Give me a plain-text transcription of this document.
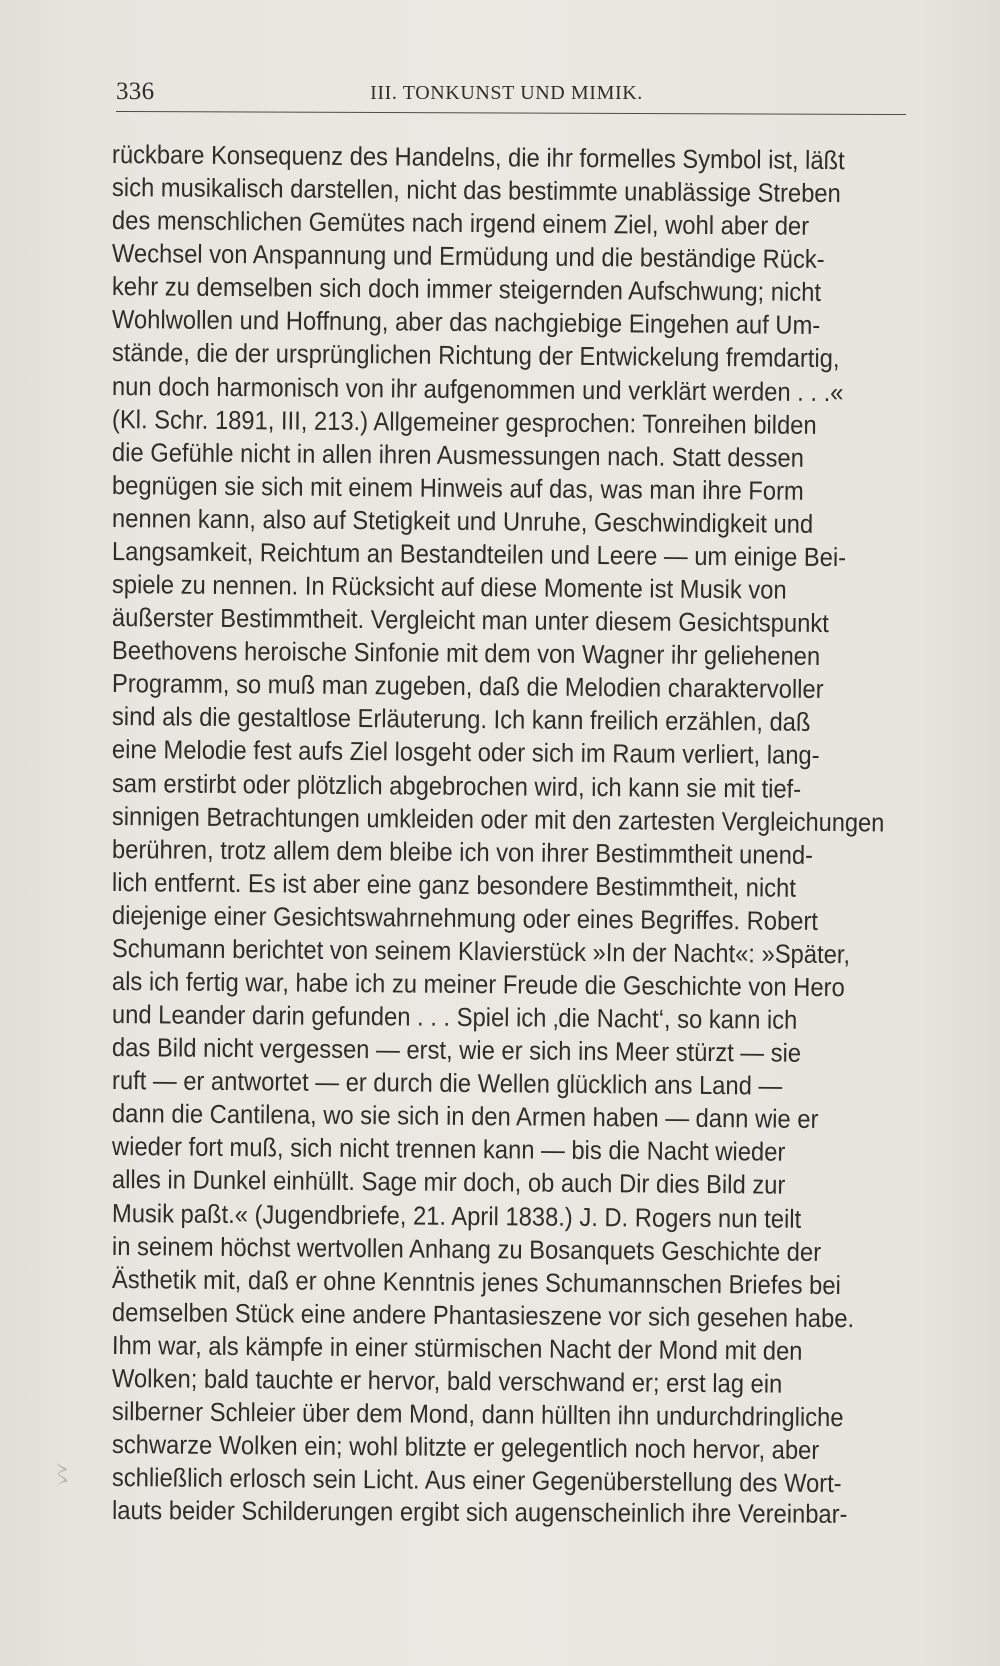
336	III. TONKUNST UND MIMIK.
rückbare Konsequenz des Handelns, die ihr formelles Symbol ist, läßt
sich musikalisch darstellen, nicht das bestimmte unablässige Streben
des menschlichen Gemütes nach irgend einem Ziel, wohl aber der
Wechsel von Anspannung und Ermüdung und die beständige Rück-
kehr zu demselben sich doch immer steigernden Aufschwung; nicht
Wohlwollen und Hoffnung, aber das nachgiebige Eingehen auf Um-
stände, die der ursprünglichen Richtung der Entwickelung fremdartig,
nun doch harmonisch von ihr aufgenommen und verklärt werden . . .«
(Kl. Schr. 1891, III, 213.) Allgemeiner gesprochen: Tonreihen bilden
die Gefühle nicht in allen ihren Ausmessungen nach. Statt dessen
begnügen sie sich mit einem Hinweis auf das, was man ihre Form
nennen kann, also auf Stetigkeit und Unruhe, Geschwindigkeit und
Langsamkeit, Reichtum an Bestandteilen und Leere — um einige Bei-
spiele zu nennen. In Rücksicht auf diese Momente ist Musik von
äußerster Bestimmtheit. Vergleicht man unter diesem Gesichtspunkt
Beethovens heroische Sinfonie mit dem von Wagner ihr geliehenen
Programm, so muß man zugeben, daß die Melodien charaktervoller
sind als die gestaltlose Erläuterung. Ich kann freilich erzählen, daß
eine Melodie fest aufs Ziel losgeht oder sich im Raum verliert, lang-
sam erstirbt oder plötzlich abgebrochen wird, ich kann sie mit tief-
sinnigen Betrachtungen umkleiden oder mit den zartesten Vergleichungen
berühren, trotz allem dem bleibe ich von ihrer Bestimmtheit unend-
lich entfernt. Es ist aber eine ganz besondere Bestimmtheit, nicht
diejenige einer Gesichtswahrnehmung oder eines Begriffes. Robert
Schumann berichtet von seinem Klavierstück »In der Nacht«: »Später,
als ich fertig war, habe ich zu meiner Freude die Geschichte von Hero
und Leander darin gefunden . . . Spiel ich ‚die Nacht‘, so kann ich
das Bild nicht vergessen — erst, wie er sich ins Meer stürzt — sie
ruft — er antwortet — er durch die Wellen glücklich ans Land —
dann die Cantilena, wo sie sich in den Armen haben — dann wie er
wieder fort muß, sich nicht trennen kann — bis die Nacht wieder
alles in Dunkel einhüllt. Sage mir doch, ob auch Dir dies Bild zur
Musik paßt.« (Jugendbriefe, 21. April 1838.) J. D. Rogers nun teilt
in seinem höchst wertvollen Anhang zu Bosanquets Geschichte der
Ästhetik mit, daß er ohne Kenntnis jenes Schumannschen Briefes bei
demselben Stück eine andere Phantasieszene vor sich gesehen habe.
Ihm war, als kämpfe in einer stürmischen Nacht der Mond mit den
Wolken; bald tauchte er hervor, bald verschwand er; erst lag ein
silberner Schleier über dem Mond, dann hüllten ihn undurchdringliche
schwarze Wolken ein; wohl blitzte er gelegentlich noch hervor, aber
schließlich erlosch sein Licht. Aus einer Gegenüberstellung des Wort-
lauts beider Schilderungen ergibt sich augenscheinlich ihre Vereinbar-
〻
